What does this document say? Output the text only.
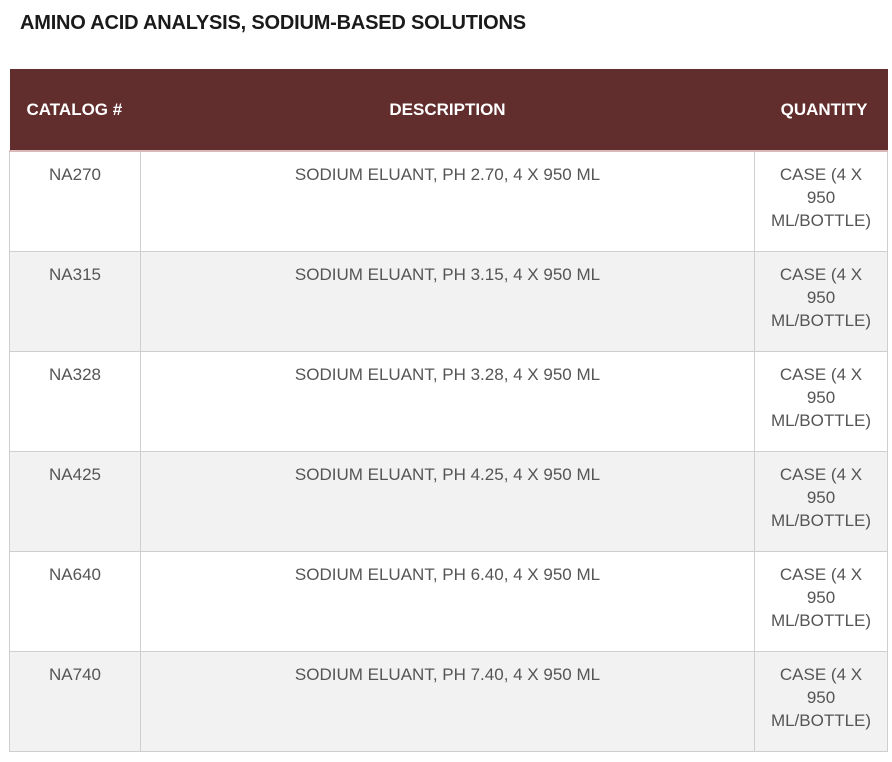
AMINO ACID ANALYSIS, SODIUM-BASED SOLUTIONS
CATALOG #	DESCRIPTION	QUANTITY
NA270	SODIUM ELUANT, PH 2.70, 4 X 950 ML	CASE (4 X 950 ML/BOTTLE)
NA315	SODIUM ELUANT, PH 3.15, 4 X 950 ML	CASE (4 X 950 ML/BOTTLE)
NA328	SODIUM ELUANT, PH 3.28, 4 X 950 ML	CASE (4 X 950 ML/BOTTLE)
NA425	SODIUM ELUANT, PH 4.25, 4 X 950 ML	CASE (4 X 950 ML/BOTTLE)
NA640	SODIUM ELUANT, PH 6.40, 4 X 950 ML	CASE (4 X 950 ML/BOTTLE)
NA740	SODIUM ELUANT, PH 7.40, 4 X 950 ML	CASE (4 X 950 ML/BOTTLE)
